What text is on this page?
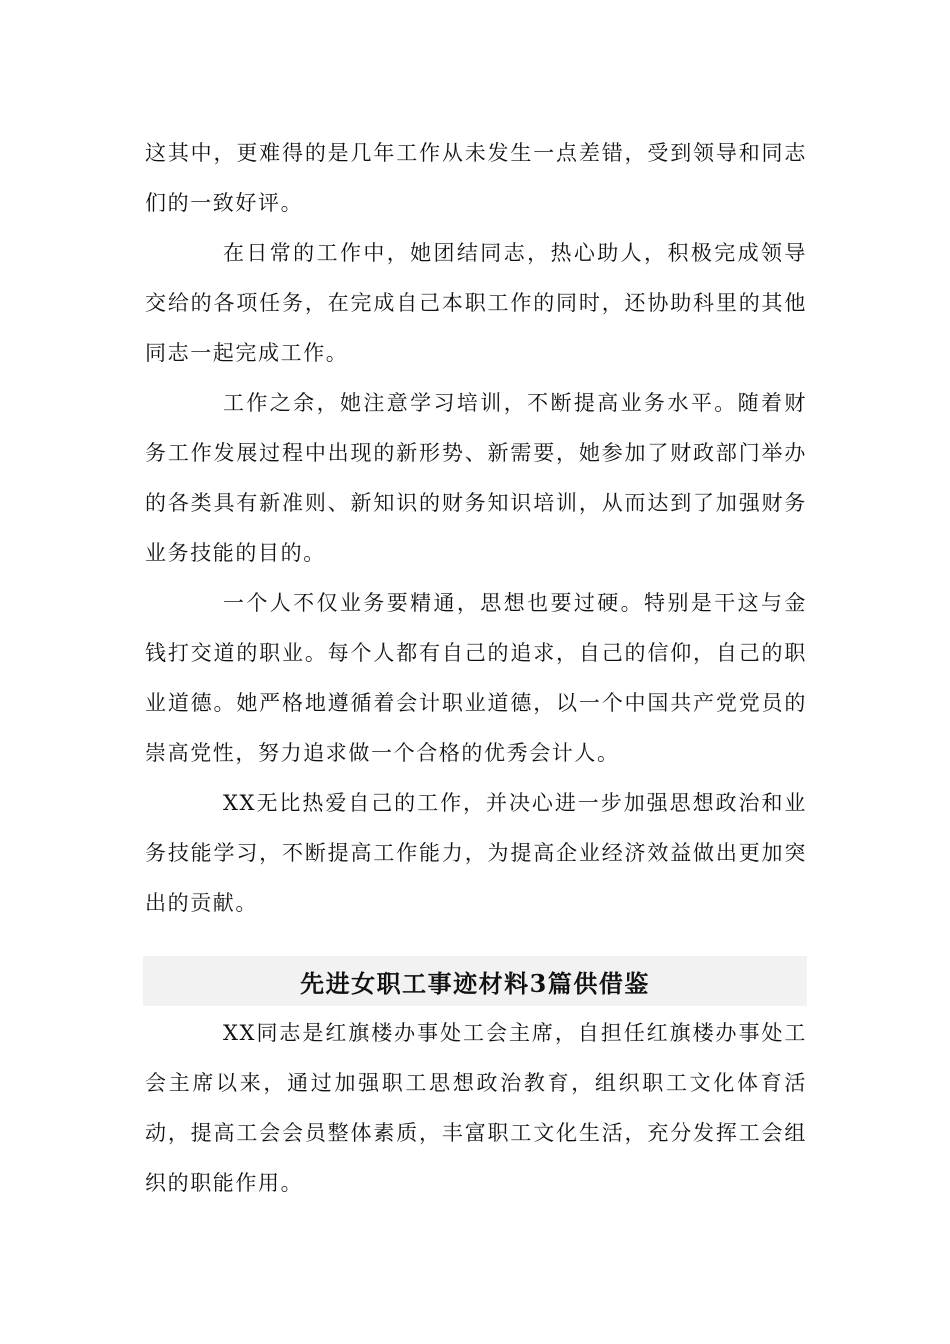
这其中，更难得的是几年工作从未发生一点差错，受到领导和同志们的一致好评。

在日常的工作中，她团结同志，热心助人，积极完成领导交给的各项任务，在完成自己本职工作的同时，还协助科里的其他同志一起完成工作。

工作之余，她注意学习培训，不断提高业务水平。随着财务工作发展过程中出现的新形势、新需要，她参加了财政部门举办的各类具有新准则、新知识的财务知识培训，从而达到了加强财务业务技能的目的。

一个人不仅业务要精通，思想也要过硬。特别是干这与金钱打交道的职业。每个人都有自己的追求，自己的信仰，自己的职业道德。她严格地遵循着会计职业道德，以一个中国共产党党员的崇高党性，努力追求做一个合格的优秀会计人。

XX无比热爱自己的工作，并决心进一步加强思想政治和业务技能学习，不断提高工作能力，为提高企业经济效益做出更加突出的贡献。

先进女职工事迹材料3篇供借鉴

XX同志是红旗楼办事处工会主席，自担任红旗楼办事处工会主席以来，通过加强职工思想政治教育，组织职工文化体育活动，提高工会会员整体素质，丰富职工文化生活，充分发挥工会组织的职能作用。
